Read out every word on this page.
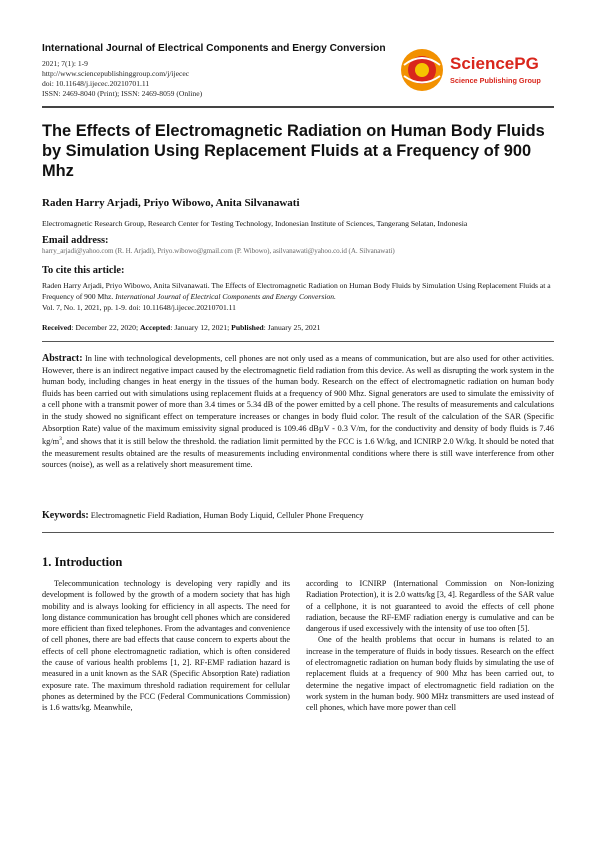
International Journal of Electrical Components and Energy Conversion
2021; 7(1): 1-9
http://www.sciencepublishinggroup.com/j/ijecec
doi: 10.11648/j.ijecec.20210701.11
ISSN: 2469-8040 (Print); ISSN: 2469-8059 (Online)
SciencePG
Science Publishing Group
The Effects of Electromagnetic Radiation on Human Body Fluids by Simulation Using Replacement Fluids at a Frequency of 900 Mhz
Raden Harry Arjadi, Priyo Wibowo, Anita Silvanawati
Electromagnetic Research Group, Research Center for Testing Technology, Indonesian Institute of Sciences, Tangerang Selatan, Indonesia
Email address:
harry_arjadi@yahoo.com (R. H. Arjadi), Priyo.wibowo@gmail.com (P. Wibowo), asilvanawati@yahoo.co.id (A. Silvanawati)
To cite this article:
Raden Harry Arjadi, Priyo Wibowo, Anita Silvanawati. The Effects of Electromagnetic Radiation on Human Body Fluids by Simulation Using Replacement Fluids at a Frequency of 900 Mhz. International Journal of Electrical Components and Energy Conversion.
Vol. 7, No. 1, 2021, pp. 1-9. doi: 10.11648/j.ijecec.20210701.11
Received: December 22, 2020; Accepted: January 12, 2021; Published: January 25, 2021
Abstract: In line with technological developments, cell phones are not only used as a means of communication, but are also used for other activities. However, there is an indirect negative impact caused by the electromagnetic field radiation from this device. As well as disrupting the work system in the human body, including changes in heat energy in the tissues of the human body. Research on the effect of electromagnetic radiation on human body fluids has been carried out with simulations using replacement fluids at a frequency of 900 Mhz. Signal generators are used to simulate the emissivity of a cell phone with a transmit power of more than 3.4 times or 5.34 dB of the power emitted by a cell phone. The results of measurements and calculations in the study showed no significant effect on temperature increases or changes in body fluid color. The result of the calculation of the SAR (Specific Absorption Rate) value of the maximum emissivity signal produced is 109.46 dBµV - 0.3 V/m, for the conductivity and density of body fluids is 7.46 $kg/m^3$, and shows that it is still below the threshold. the radiation limit permitted by the FCC is 1.6 W/kg, and ICNIRP 2.0 W/kg. It should be noted that the measurement results obtained are the results of measurements including environmental conditions where there is still wave interference from other sources (noise), as well as a relatively short measurement time.
Keywords: Electromagnetic Field Radiation, Human Body Liquid, Celluler Phone Frequency
1. Introduction

Telecommunication technology is developing very rapidly and its development is followed by the growth of a modern society that has high mobility and is always looking for efficiency in all aspects. The need for long distance communication has brought cell phones which are considered more efficient than fixed telephones. From the advantages and convenience of cell phones, there are bad effects that cause concern to experts about the effects of cell phone electromagnetic radiation, which is often considered the cause of various health problems [1, 2]. RF-EMF radiation hazard is measured in a unit known as the SAR (Specific Absorption Rate) radiation exposure rate. The maximum threshold radiation requirement for cellular phones as determined by the FCC (Federal Communications Commission) is 1.6 watts/kg. Meanwhile,

according to ICNIRP (International Commission on Non-Ionizing Radiation Protection), it is 2.0 watts/kg [3, 4]. Regardless of the SAR value of a cellphone, it is not guaranteed to avoid the effects of cell phone radiation, because the RF-EMF radiation energy is cumulative and can be dangerous if used excessively with the intensity of use too often [5].

One of the health problems that occur in humans is related to an increase in the temperature of fluids in body tissues. Research on the effect of electromagnetic radiation on human body fluids by simulating the use of replacement fluids at a frequency of 900 Mhz has been carried out, to determine the negative impact of electromagnetic field radiation on the work system in the human body. 900 MHz transmitters are used instead of cell phones, which have more power than cell
